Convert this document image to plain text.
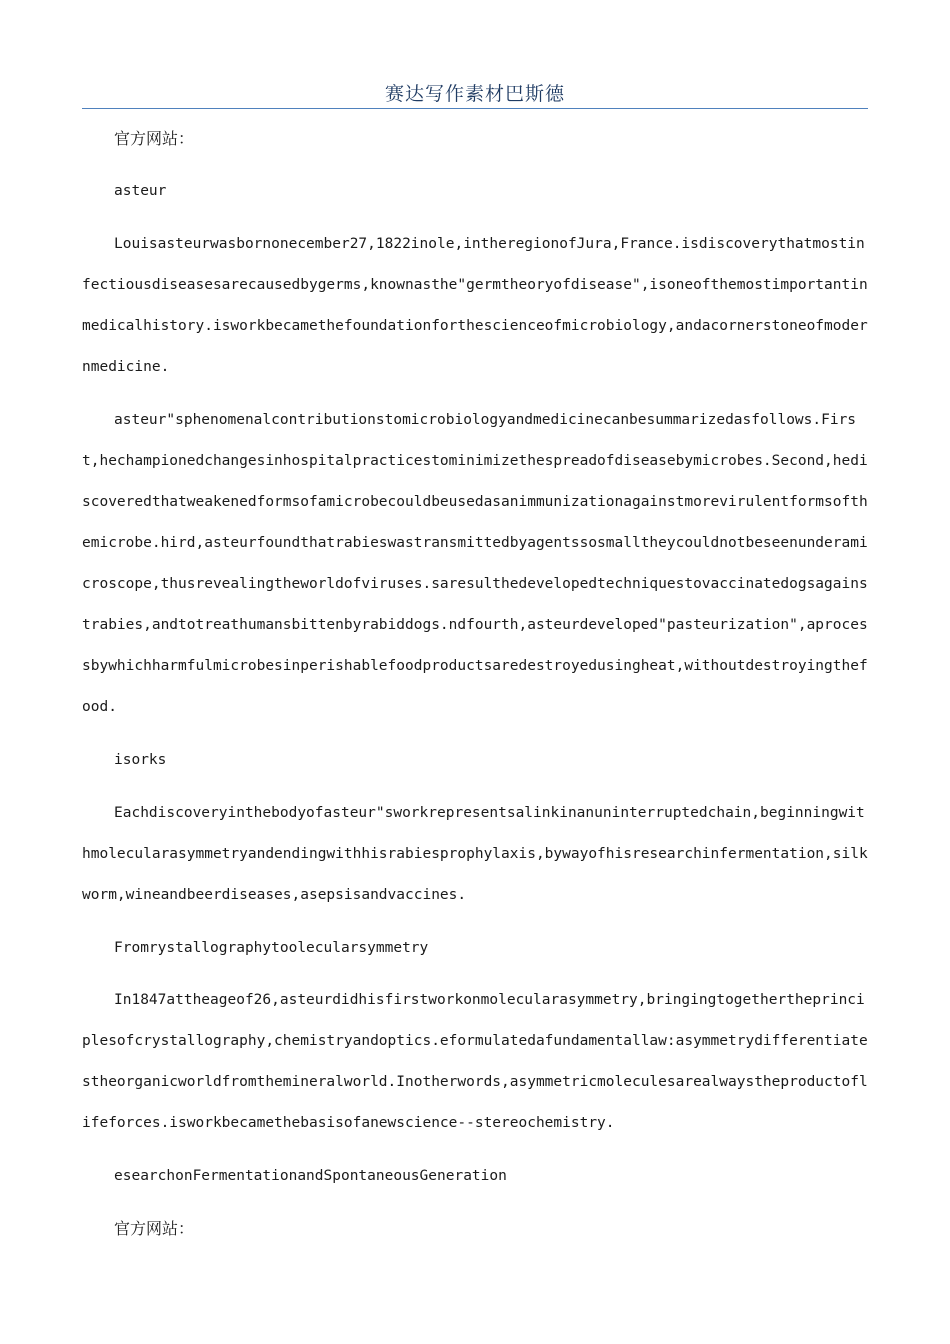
赛达写作素材巴斯德

官方网站：

asteur

Louisasteurwasbornonecember27,1822inole,intheregionofJura,France.isdiscoverythatmostinfectiousdiseasesarecausedbygerms,knownasthe"germtheoryofdisease",isoneofthemostimportantinmedicalhistory.isworkbecamethefoundationforthescienceofmicrobiology,andacornerstoneofmodernmedicine.

asteur"sphenomenalcontributionstomicrobiologyandmedicinecanbesummarizedasfollows.First,hechampionedchangesinhospitalpracticestominimizethespreadofdiseasebymicrobes.Second,hediscoveredthatweakenedformsofamicrobecouldbeusedasanimmunizationagainstmorevirulentformsofthemicrobe.hird,asteurfoundthatrabieswastransmittedbyagentssosmalltheycouldnotbeseenunderamicroscope,thusrevealingtheworldofviruses.saresulthedevelopedtechniquestovaccinatedogsagainstrabies,andtotreathumansbittenbyrabiddogs.ndfourth,asteurdeveloped"pasteurization",aprocessbywhichharmfulmicrobesinperishablefoodproductsaredestroyedusingheat,withoutdestroyingthefood.

isorks

Eachdiscoveryinthebodyofasteur"sworkrepresentsalinkinanuninterruptedchain,beginningwithmolecularasymmetryandendingwithhisrabiesprophylaxis,bywayofhisresearchinfermentation,silkworm,wineandbeerdiseases,asepsisandvaccines.

Fromrystallographytoolecularsymmetry

In1847attheageof26,asteurdidhisfirstworkonmolecularasymmetry,bringingtogethertheprinciplesofcrystallography,chemistryandoptics.eformulatedafundamentallaw:asymmetrydifferentiatestheorganicworldfromthemineralworld.Inotherwords,asymmetricmoleculesarealwaystheproductoflifeforces.isworkbecamethebasisofanewscience--stereochemistry.

esearchonFermentationandSpontaneousGeneration

官方网站：
